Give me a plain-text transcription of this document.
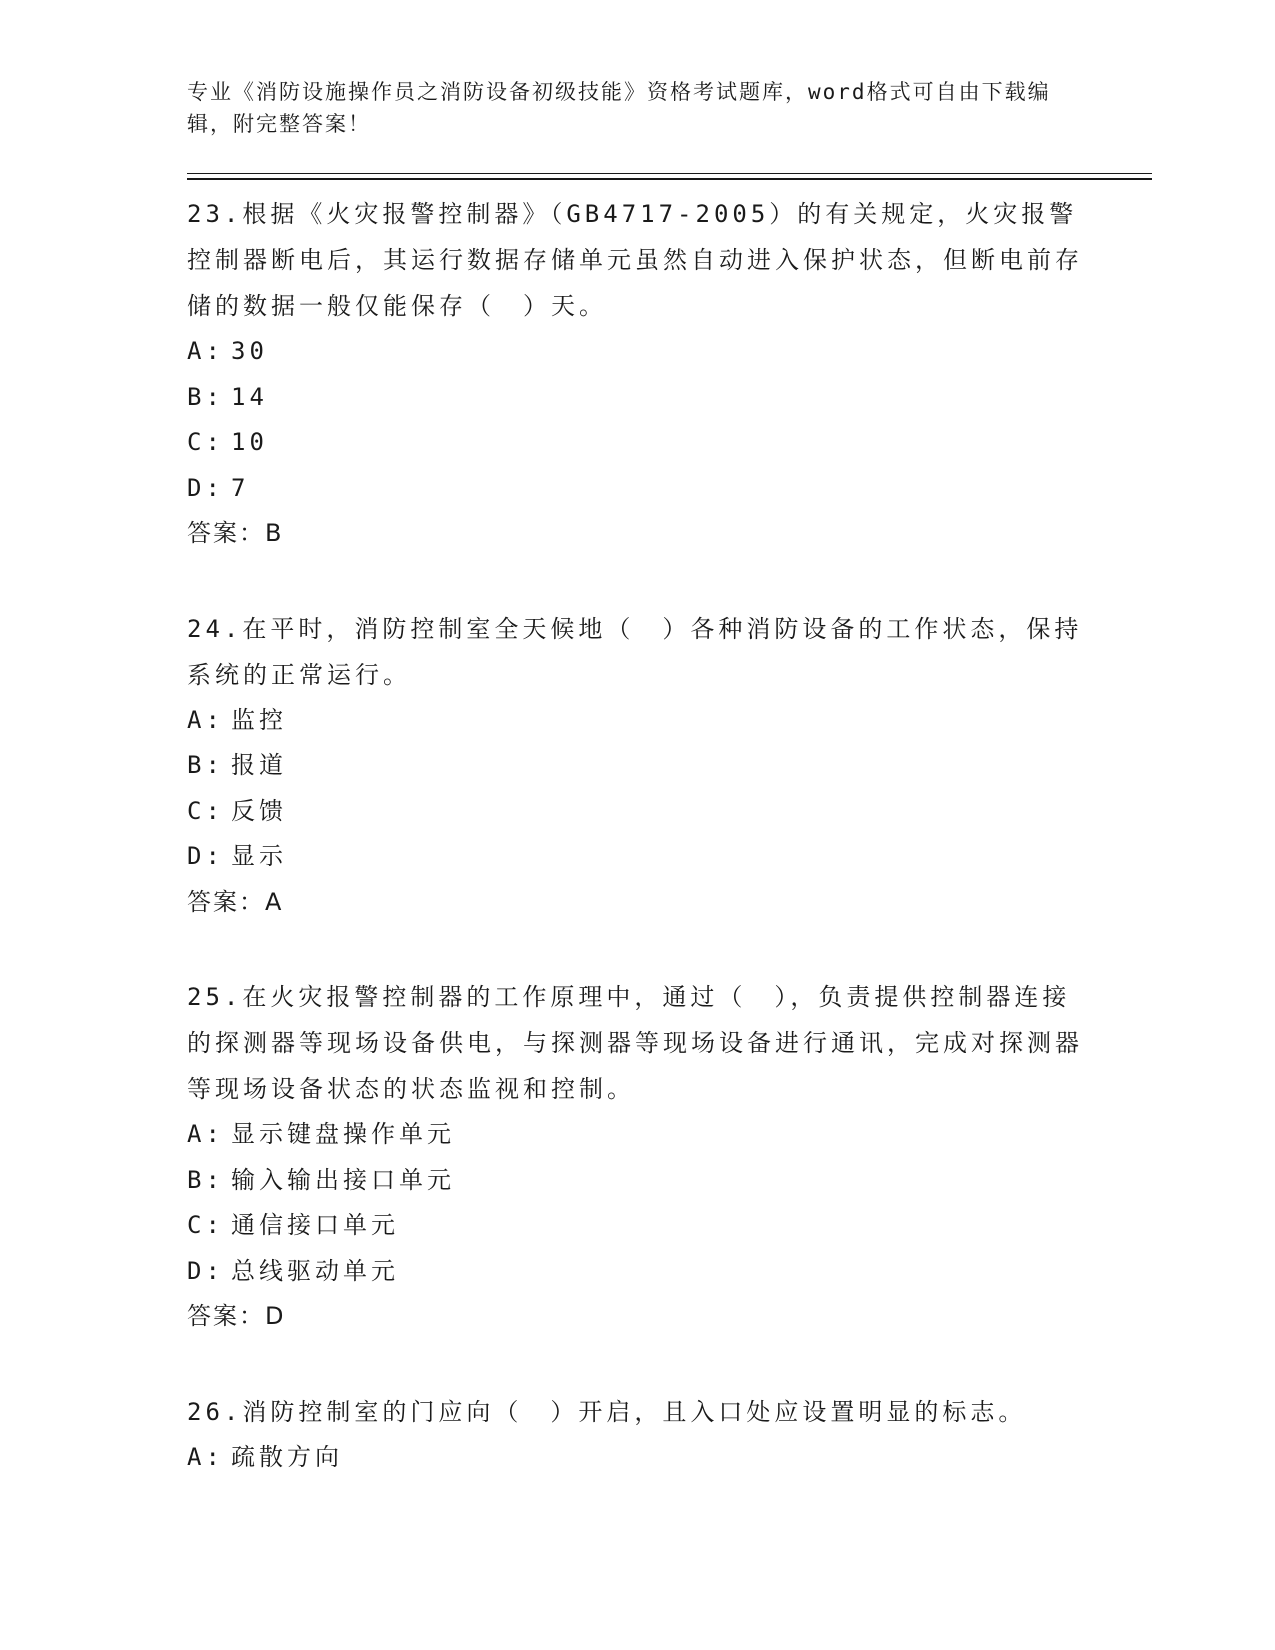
专业《消防设施操作员之消防设备初级技能》资格考试题库，word格式可自由下载编辑，附完整答案！

23.根据《火灾报警控制器》（GB4717-2005）的有关规定，火灾报警控制器断电后，其运行数据存储单元虽然自动进入保护状态，但断电前存储的数据一般仅能保存（　）天。

A: 30
B: 14
C: 10
D: 7
答案：B

24.在平时，消防控制室全天候地（　）各种消防设备的工作状态，保持系统的正常运行。

A: 监控
B: 报道
C: 反馈
D: 显示
答案：A

25.在火灾报警控制器的工作原理中，通过（　），负责提供控制器连接的探测器等现场设备供电，与探测器等现场设备进行通讯，完成对探测器等现场设备状态的状态监视和控制。

A: 显示键盘操作单元
B: 输入输出接口单元
C: 通信接口单元
D: 总线驱动单元
答案：D

26.消防控制室的门应向（　）开启，且入口处应设置明显的标志。

A: 疏散方向
